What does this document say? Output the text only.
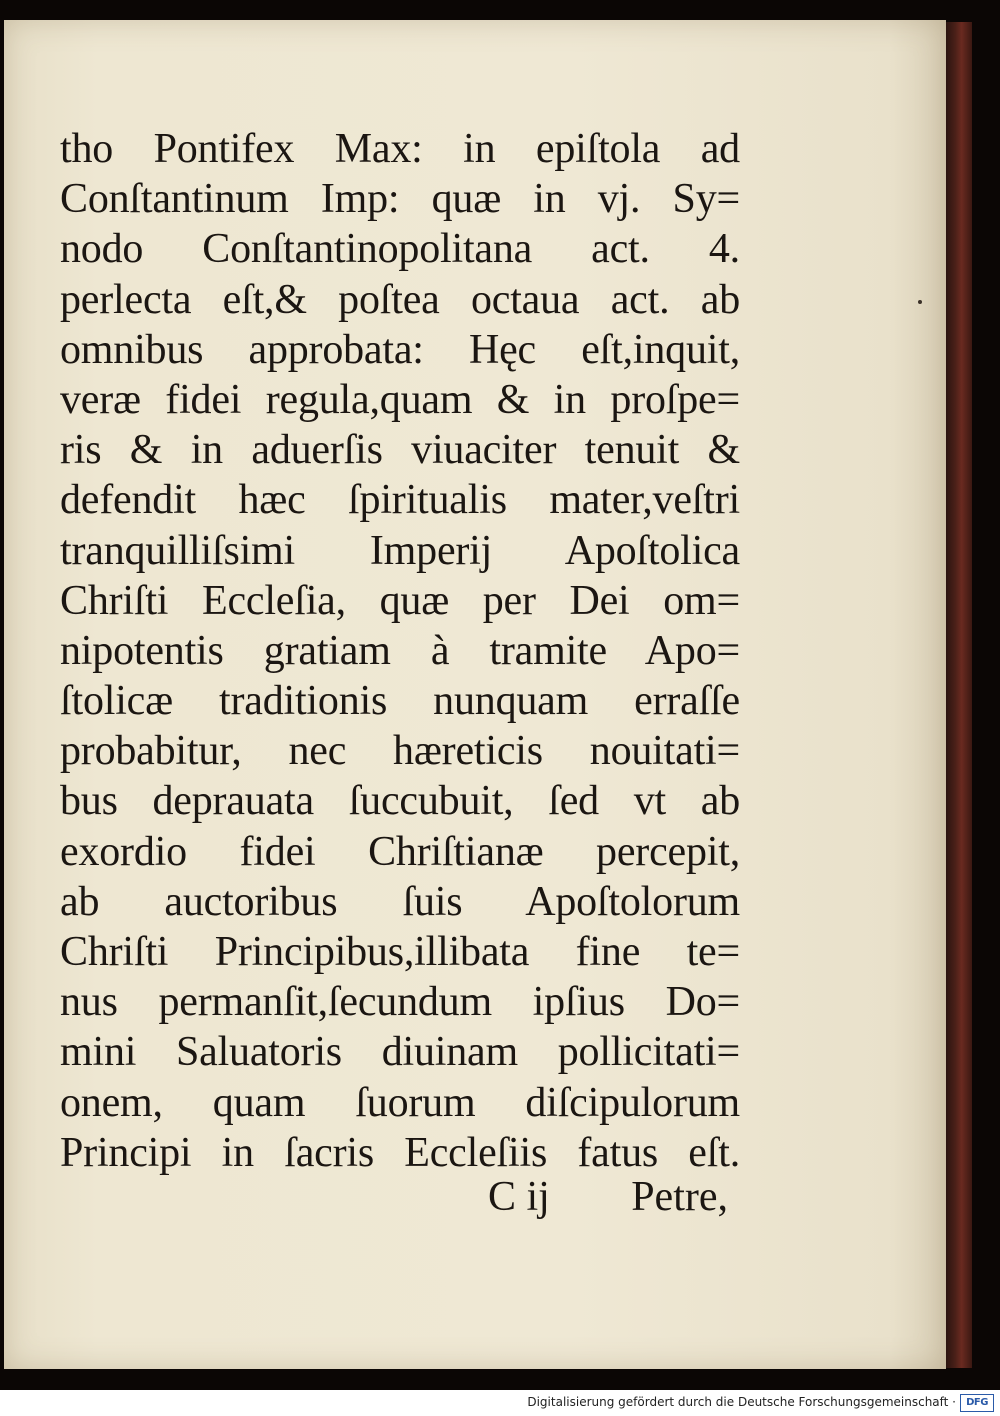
tho Pontifex Max: in epiſtola ad
Conſtantinum Imp: quæ in vj. Sy=
nodo Conſtantinopolitana act. 4.
perlecta eſt,& poſtea octaua act. ab
omnibus approbata: Hęc eſt,inquit,
veræ fidei regula,quam & in proſpe=
ris & in aduerſis viuaciter tenuit &
defendit hæc ſpiritualis mater,veſtri
tranquilliſsimi Imperij Apoſtolica
Chriſti Eccleſia, quæ per Dei om=
nipotentis gratiam à tramite Apo=
ſtolicæ traditionis nunquam erraſſe
probabitur, nec hæreticis nouitati=
bus deprauata ſuccubuit, ſed vt ab
exordio fidei Chriſtianæ percepit,
ab auctoribus ſuis Apoſtolorum
Chriſti Principibus,illibata fine te=
nus permanſit,ſecundum ipſius Do=
mini Saluatoris diuinam pollicitati=
onem, quam ſuorum diſcipulorum
Principi in ſacris Eccleſiis fatus eſt.
C ij Petre,
Digitalisierung gefördert durch die Deutsche Forschungsgemeinschaft ·	DFG
